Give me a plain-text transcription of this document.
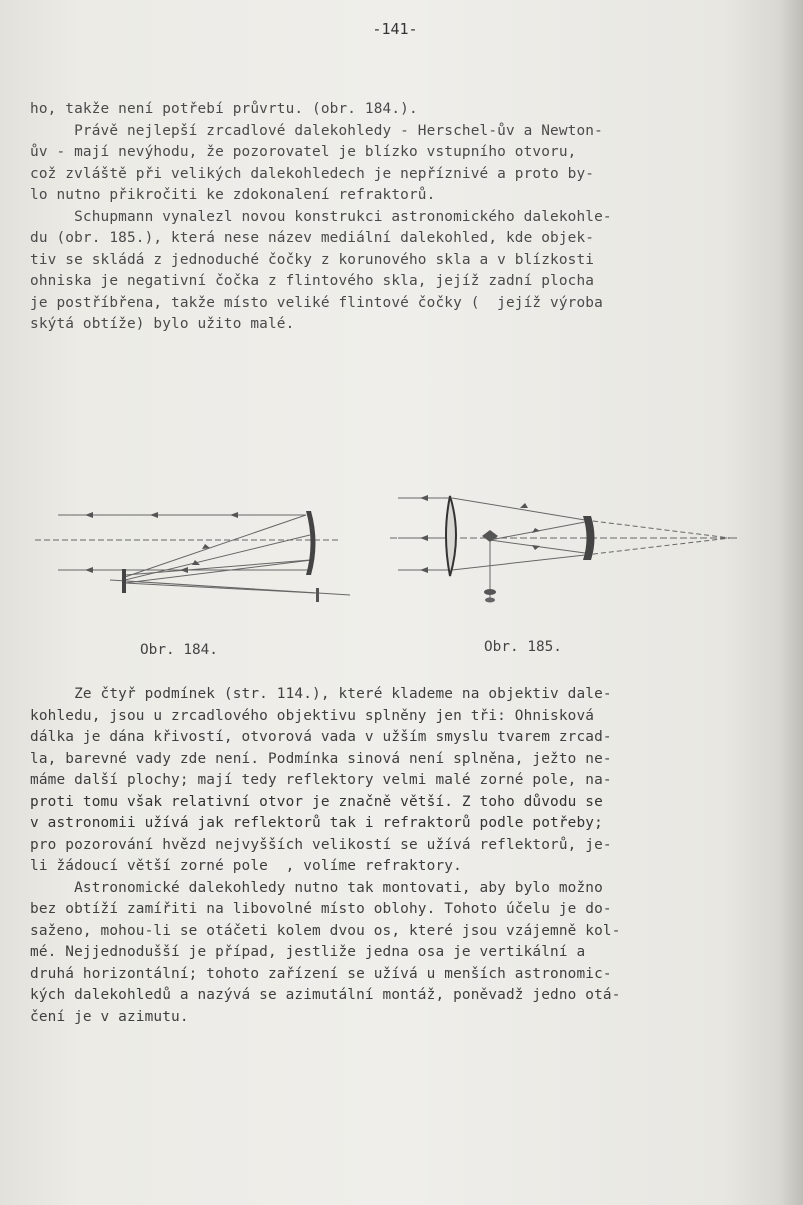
-141-
ho, takže není potřebí průvrtu. (obr. 184.).
Právě nejlepší zrcadlové dalekohledy - Herschel-ův a Newton-
ův - mají nevýhodu, že pozorovatel je blízko vstupního otvoru,
což zvláště při velikých dalekohledech je nepříznivé a proto by-
lo nutno přikročiti ke zdokonalení refraktorů.
Schupmann vynalezl novou konstrukci astronomického dalekohle-
du (obr. 185.), která nese název mediální dalekohled, kde objek-
tiv se skládá z jednoduché čočky z korunového skla a v blízkosti
ohniska je negativní čočka z flintového skla, jejíž zadní plocha
je postříbřena, takže místo veliké flintové čočky (  jejíž výroba
skýtá obtíže) bylo užito malé.
Obr. 184.	Obr. 185.
Ze čtyř podmínek (str. 114.), které klademe na objektiv dale-
kohledu, jsou u zrcadlového objektivu splněny jen tři: Ohnisková
dálka je dána křivostí, otvorová vada v užším smyslu tvarem zrcad-
la, barevné vady zde není. Podmínka sinová není splněna, ježto ne-
máme další plochy; mají tedy reflektory velmi malé zorné pole, na-
proti tomu však relativní otvor je značně větší. Z toho důvodu se
v astronomii užívá jak reflektorů tak i refraktorů podle potřeby;
pro pozorování hvězd nejvyšších velikostí se užívá reflektorů, je-
li žádoucí větší zorné pole  , volíme refraktory.
Astronomické dalekohledy nutno tak montovati, aby bylo možno
bez obtíží zamířiti na libovolné místo oblohy. Tohoto účelu je do-
saženo, mohou-li se otáčeti kolem dvou os, které jsou vzájemně kol-
mé. Nejjednodušší je případ, jestliže jedna osa je vertikální a
druhá horizontální; tohoto zařízení se užívá u menších astronomic-
kých dalekohledů a nazývá se azimutální montáž, poněvadž jedno otá-
čení je v azimutu.
